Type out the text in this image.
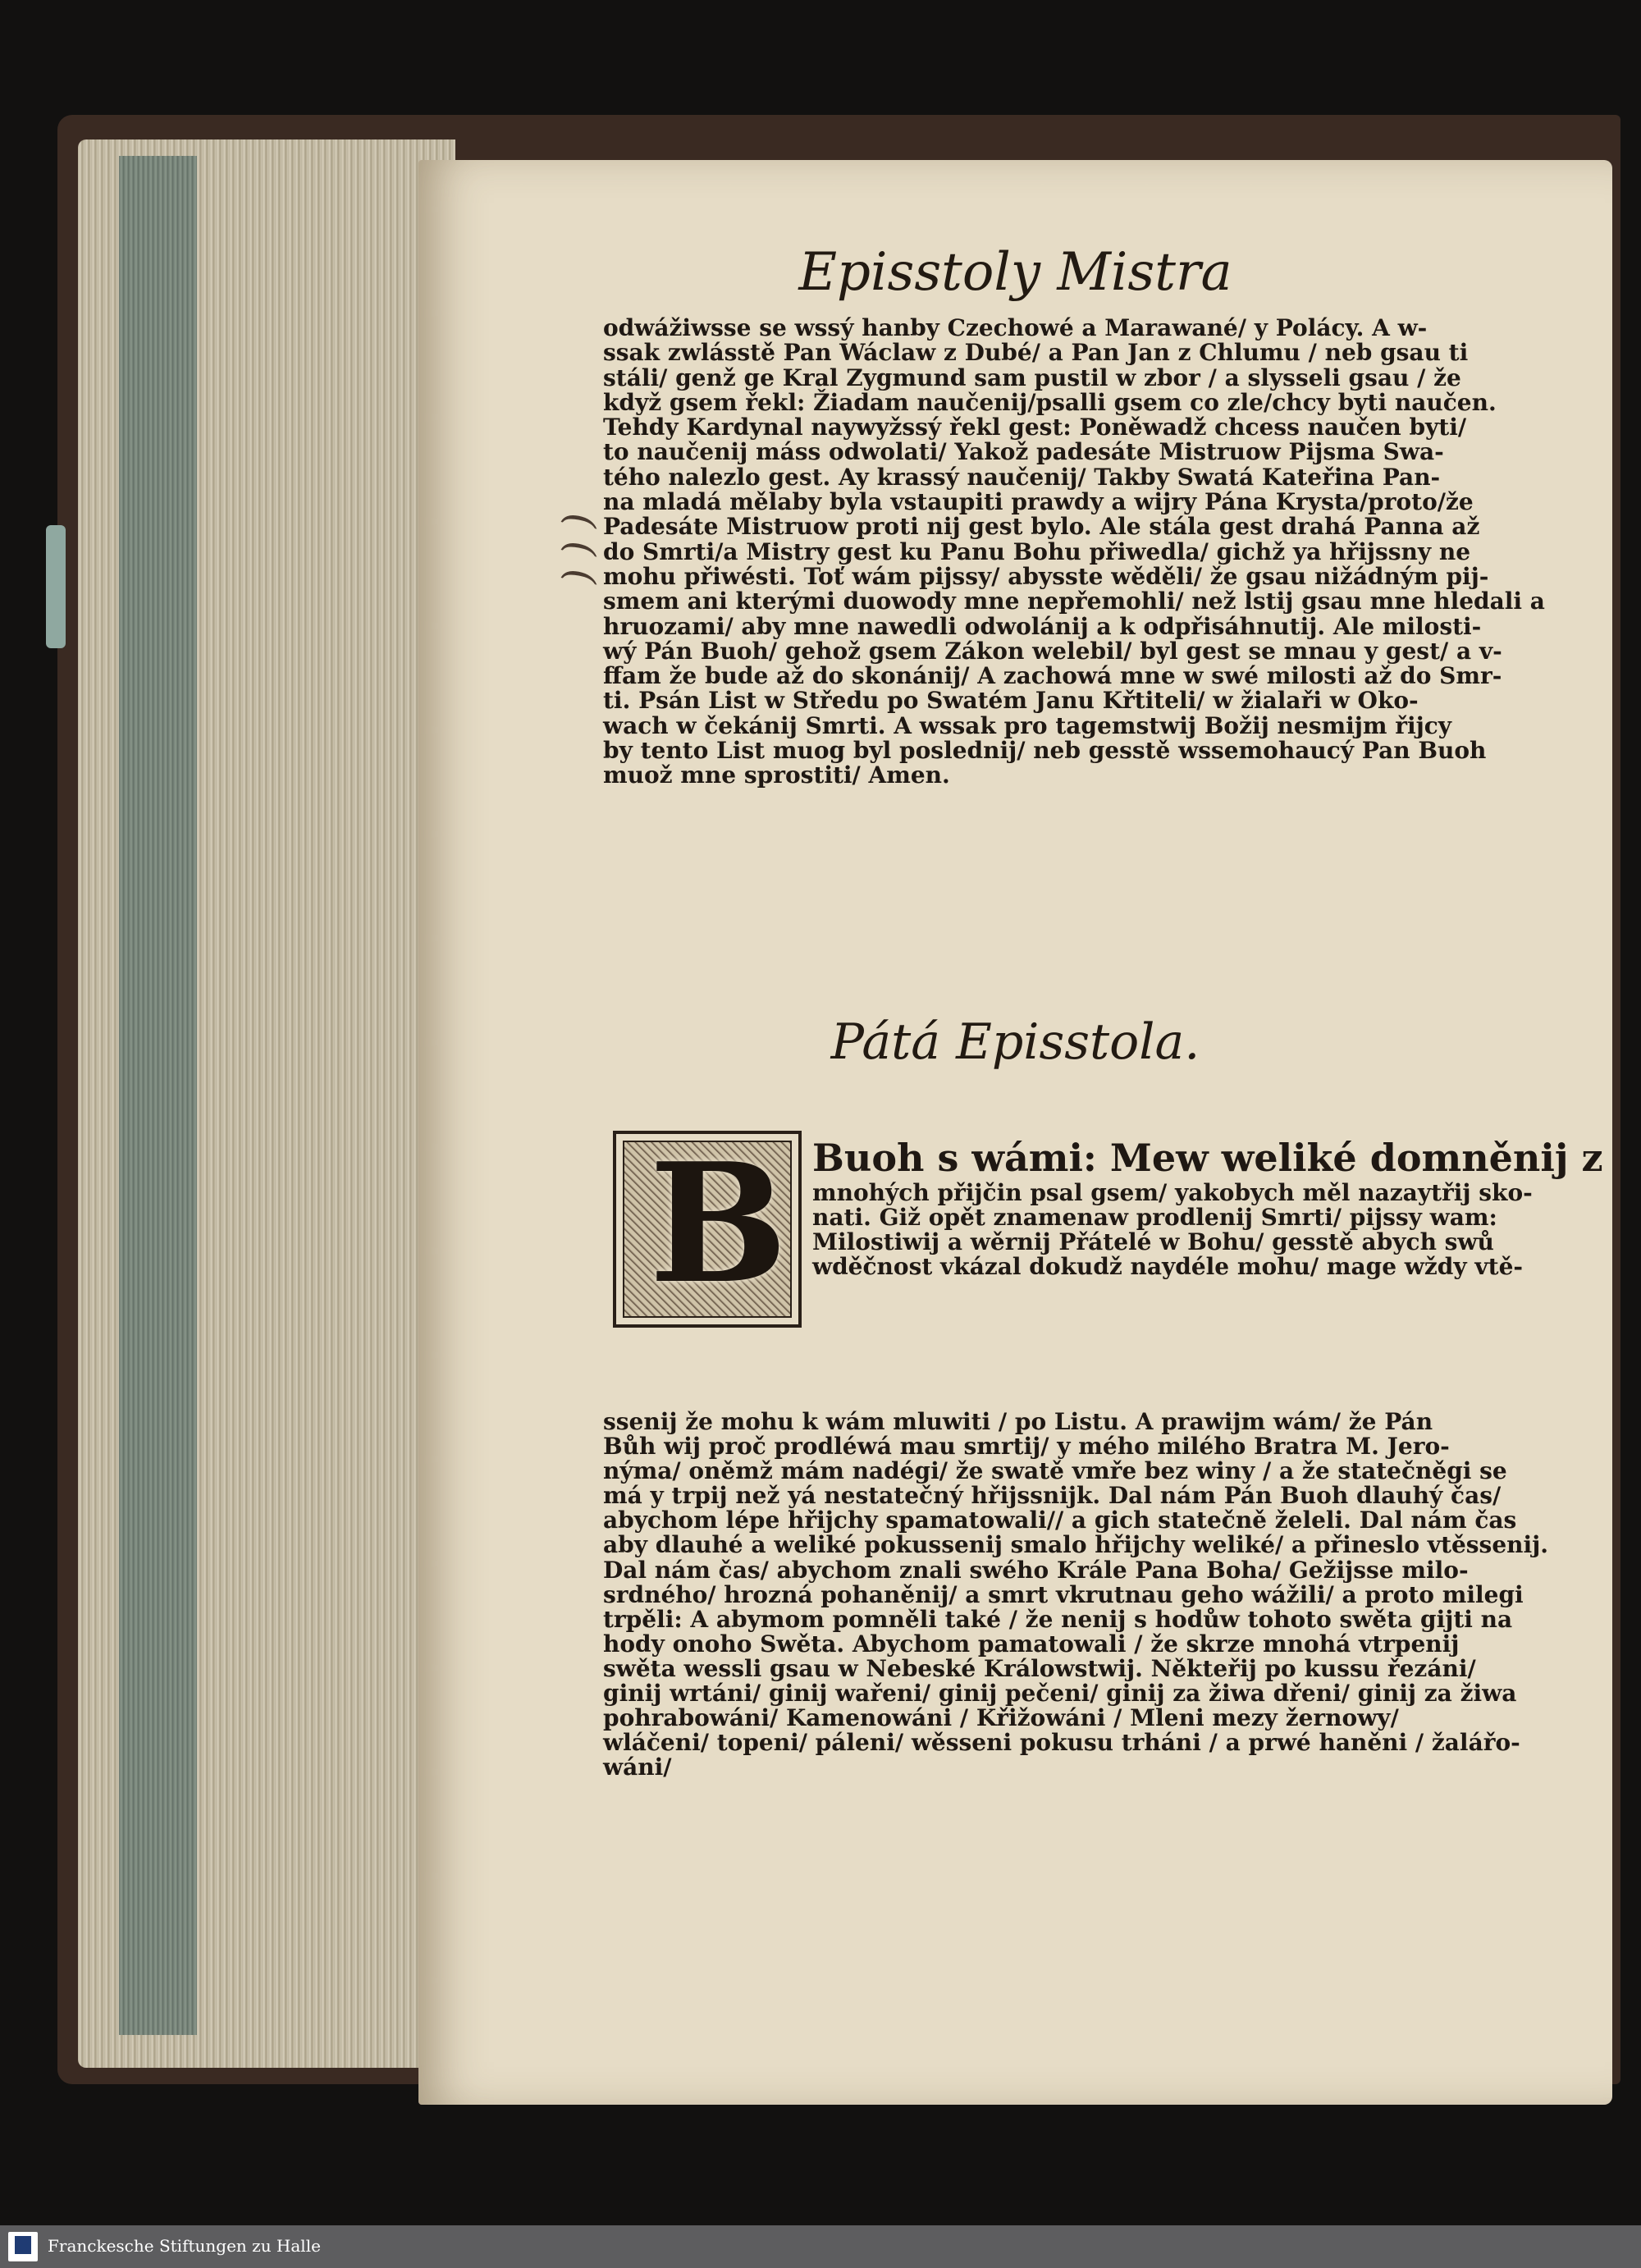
Episstoly Mistra
( ( (
odwážiwsse se wssý hanby Czechowé a Marawané/ y Polácy. A w-
ssak zwlásstě Pan Wáclaw z Dubé/ a Pan Jan z Chlumu / neb gsau ti
stáli/ genž ge Kral Zygmund sam pustil w zbor / a slysseli gsau / že
když gsem řekl: Žiadam naučenij/psalli gsem co zle/chcy byti naučen.
Tehdy Kardynal naywyžssý řekl gest: Poněwadž chcess naučen byti/
to naučenij máss odwolati/ Yakož padesáte Mistruow Pijsma Swa-
tého nalezlo gest. Ay krassý naučenij/ Takby Swatá Kateřina Pan-
na mladá mělaby byla vstaupiti prawdy a wijry Pána Krysta/proto/že
Padesáte Mistruow proti nij gest bylo. Ale stála gest drahá Panna až
do Smrti/a Mistry gest ku Panu Bohu přiwedla/ gichž ya hřijssny ne
mohu přiwésti. Toť wám pijssy/ abysste wěděli/ že gsau nižádným pij-
smem ani kterými duowody mne nepřemohli/ než lstij gsau mne hledali a
hruozami/ aby mne nawedli odwolánij a k odpřisáhnutij. Ale milosti-
wý Pán Buoh/ gehož gsem Zákon welebil/ byl gest se mnau y gest/ a v-
ffam že bude až do skonánij/ A zachowá mne w swé milosti až do Smr-
ti. Psán List w Středu po Swatém Janu Křtiteli/ w žialaři w Oko-
wach w čekánij Smrti. A wssak pro tagemstwij Božij nesmijm řijcy
by tento List muog byl poslednij/ neb gesstě wssemohaucý Pan Buoh
muož mne sprostiti/ Amen.
Pátá Episstola.
B Buoh s wámi: Mew weliké domněnij z
mnohých přijčin psal gsem/ yakobych měl nazaytřij sko-
nati. Giž opět znamenaw prodlenij Smrti/ pijssy wam:
Milostiwij a wěrnij Přátelé w Bohu/ gesstě abych swů
wděčnost vkázal dokudž naydéle mohu/ mage wždy vtě-
ssenij že mohu k wám mluwiti / po Listu. A prawijm wám/ že Pán
Bůh wij proč prodléwá mau smrtij/ y mého milého Bratra M. Jero-
nýma/ oněmž mám nadégi/ že swatě vmře bez winy / a že statečněgi se
má y trpij než yá nestatečný hřijssnijk. Dal nám Pán Buoh dlauhý čas/
abychom lépe hřijchy spamatowali// a gich statečně želeli. Dal nám čas
aby dlauhé a weliké pokussenij smalo hřijchy weliké/ a přineslo vtěssenij.
Dal nám čas/ abychom znali swého Krále Pana Boha/ Gežijsse milo-
srdného/ hrozná pohaněnij/ a smrt vkrutnau geho wážili/ a proto milegi
trpěli: A abymom pomněli také / že nenij s hodůw tohoto swěta gijti na
hody onoho Swěta. Abychom pamatowali / že skrze mnohá vtrpenij
swěta wessli gsau w Nebeské Králowstwij. Někteřij po kussu řezáni/
ginij wrtáni/ ginij wařeni/ ginij pečeni/ ginij za žiwa dřeni/ ginij za žiwa
pohrabowáni/ Kamenowáni / Křižowáni / Mleni mezy žernowy/
wláčeni/ topeni/ páleni/ wěsseni pokusu trháni / a prwé haněni / žalářo-
wáni/
Franckesche Stiftungen zu Halle
